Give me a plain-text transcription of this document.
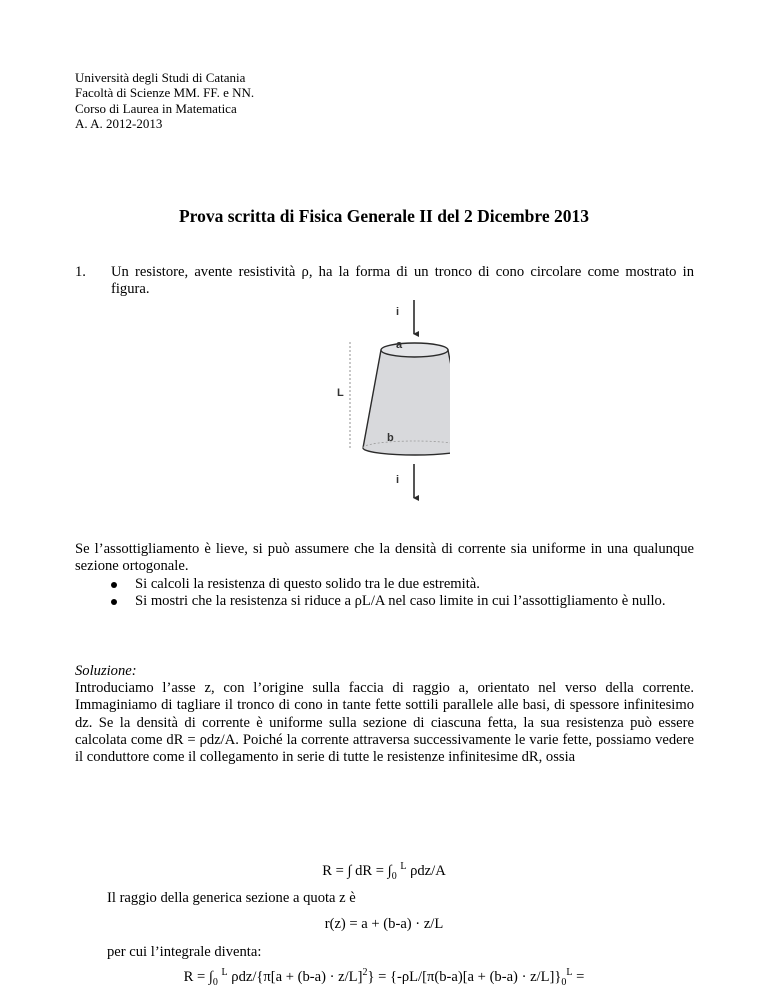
Università degli Studi di Catania
Facoltà di Scienze MM. FF. e NN.
Corso di Laurea in Matematica
A. A. 2012-2013
Prova scritta di Fisica Generale II del 2 Dicembre 2013
1. Un resistore, avente resistività ρ, ha la forma di un tronco di cono circolare come mostrato in figura.
i
a
b
L
i
Se l’assottigliamento è lieve, si può assumere che la densità di corrente sia uniforme in una qualunque sezione ortogonale.
Si calcoli la resistenza di questo solido tra le due estremità.
Si mostri che la resistenza si riduce a ρL/A nel caso limite in cui l’assottigliamento è nullo.
Soluzione:
Introduciamo l’asse z, con l’origine sulla faccia di raggio a, orientato nel verso della corrente. Immaginiamo di tagliare il tronco di cono in tante fette sottili parallele alle basi, di spessore infinitesimo dz. Se la densità di corrente è uniforme sulla sezione di ciascuna fetta, la sua resistenza può essere calcolata come dR = ρdz/A. Poiché la corrente attraversa successivamente le varie fette, possiamo vedere il conduttore come il collegamento in serie di tutte le resistenze infinitesime dR, ossia
R = ∫ dR = $\int_0$ $^L$ ρdz/A
Il raggio della generica sezione a quota z è
r(z) = a + (b-a) · z/L
per cui l’integrale diventa:
$R = \int_0$ $^L$ $\rho dz/\{\pi[a + (b-a) \cdot z/L]^2\} = \{-\rho L/[\pi(b-a)[a + (b-a) \cdot z/L]\}_0^L$ =
